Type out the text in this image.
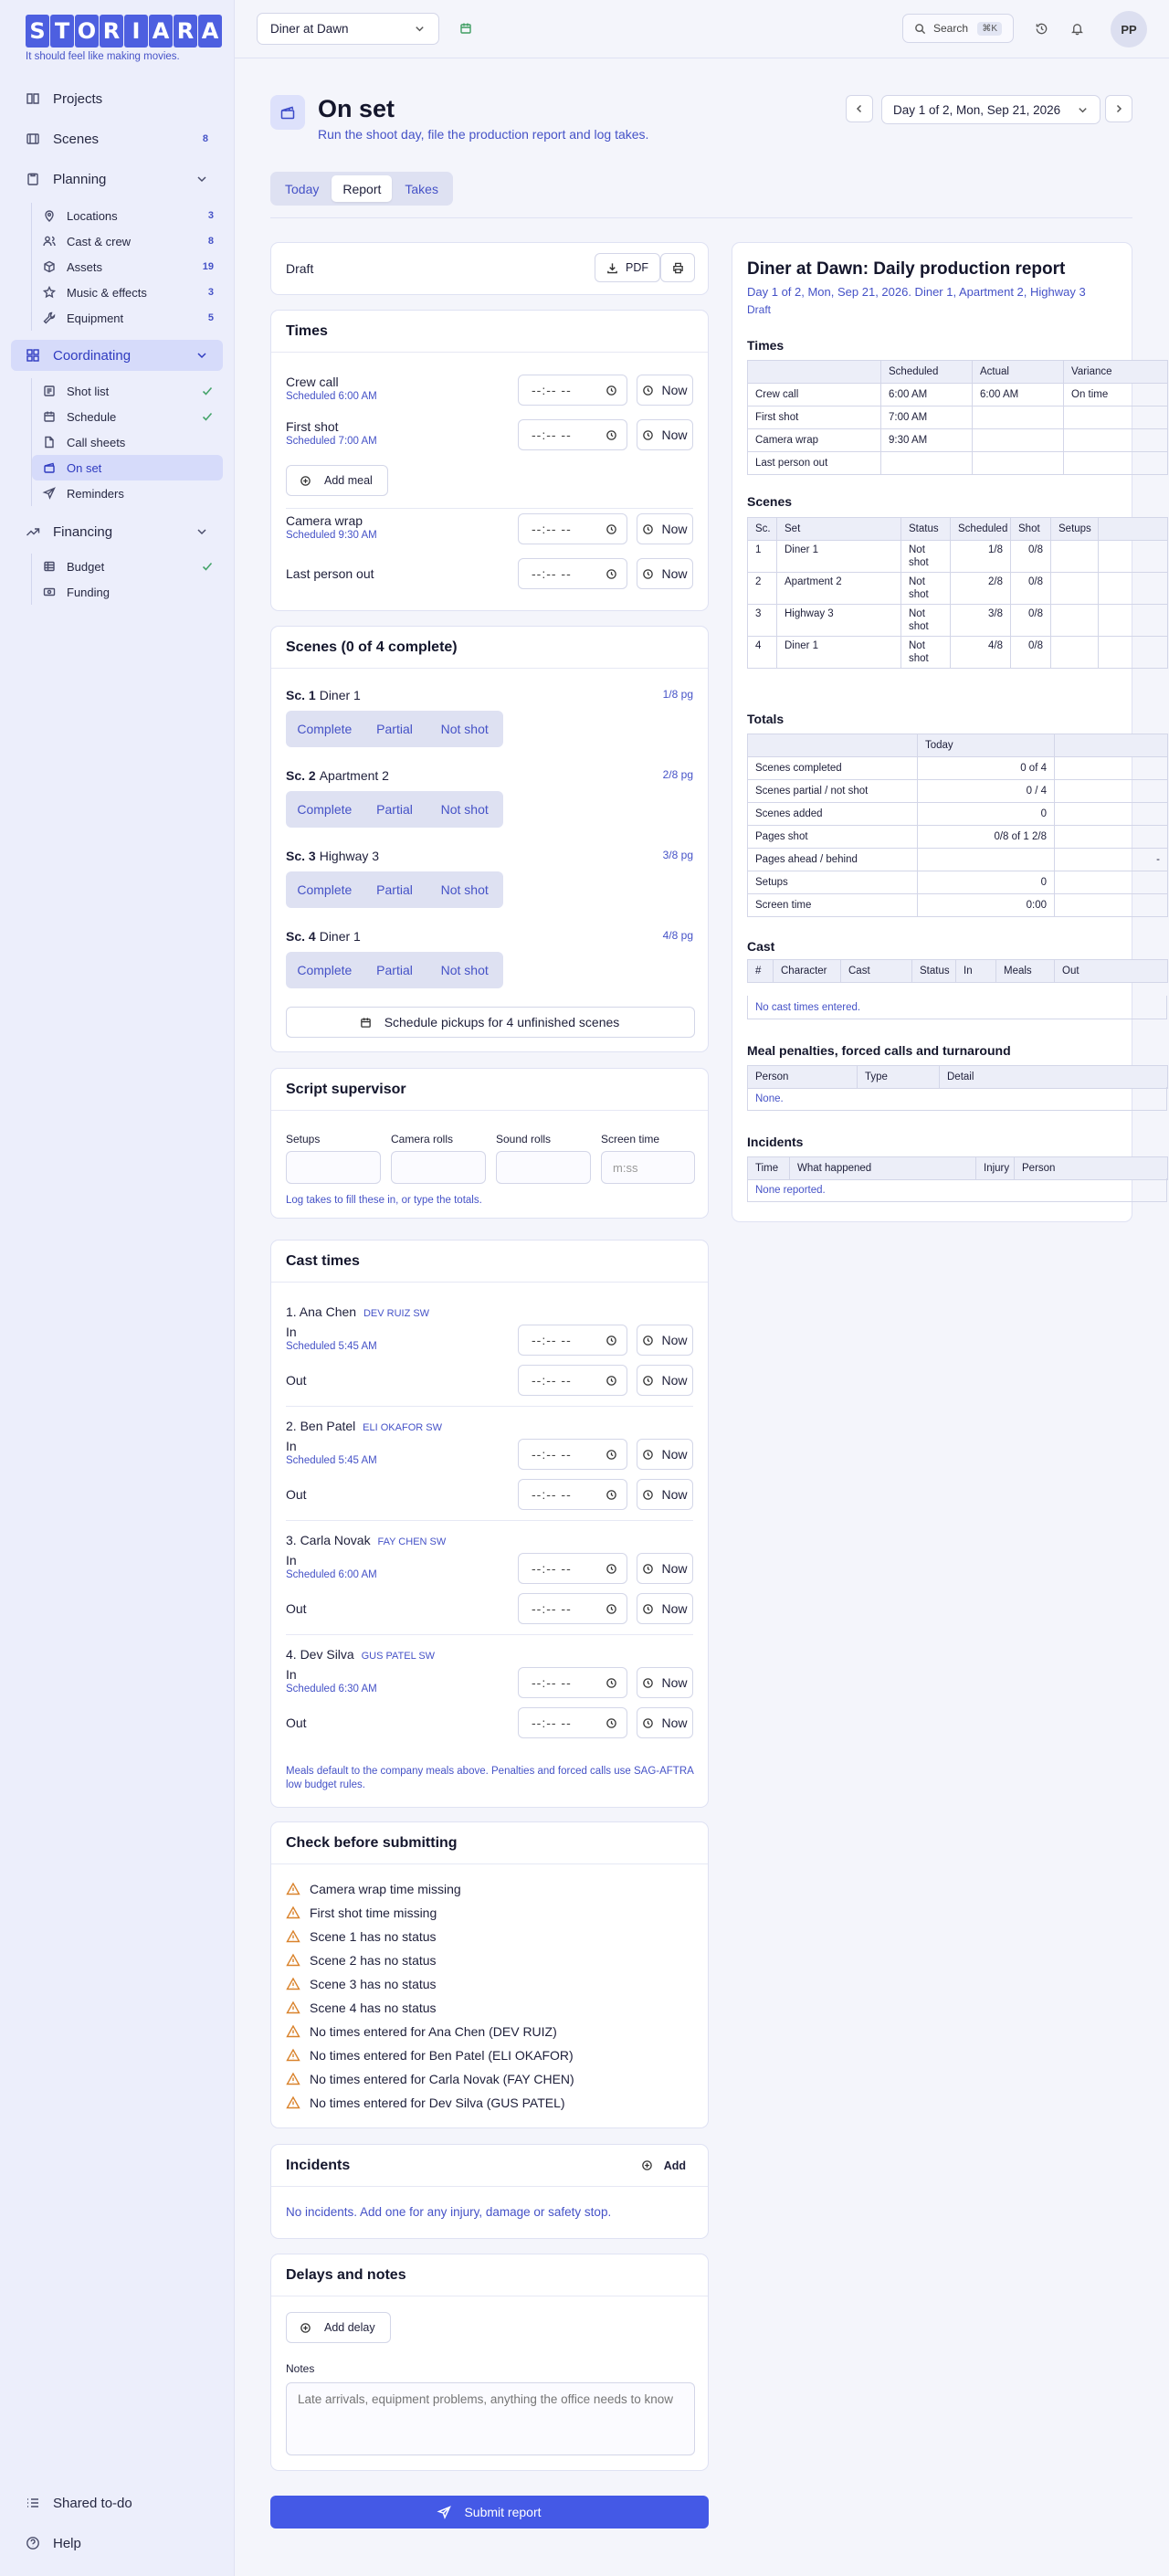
S T O R I A R A
It should feel like making movies.
Projects
Scenes	8
Planning
Locations	3
Cast & crew	8
Assets	19
Music & effects	3
Equipment	5
Coordinating
Shot list
Schedule
Call sheets
On set
Reminders
Financing
Budget
Funding
Shared to-do
Help
Diner at Dawn	Search	⌘K	PP
On set
Run the shoot day, file the production report and log takes.
Day 1 of 2, Mon, Sep 21, 2026
Today	Report	Takes
Draft	PDF
Times
Crew call
Scheduled 6:00 AM	--:-- --	Now
First shot
Scheduled 7:00 AM	--:-- --	Now
Add meal
Camera wrap
Scheduled 9:30 AM	--:-- --	Now
Last person out	--:-- --	Now
Scenes (0 of 4 complete)
Sc. 1 Diner 1	1/8 pg
Complete	Partial	Not shot
Sc. 2 Apartment 2	2/8 pg
Complete	Partial	Not shot
Sc. 3 Highway 3	3/8 pg
Complete	Partial	Not shot
Sc. 4 Diner 1	4/8 pg
Complete	Partial	Not shot
Schedule pickups for 4 unfinished scenes
Script supervisor
Setups	Camera rolls	Sound rolls	Screen time
m:ss
Log takes to fill these in, or type the totals.
Cast times
1. Ana Chen DEV RUIZ SW
In
Scheduled 5:45 AM	--:-- --	Now
Out	--:-- --	Now
2. Ben Patel ELI OKAFOR SW
In
Scheduled 5:45 AM	--:-- --	Now
Out	--:-- --	Now
3. Carla Novak FAY CHEN SW
In
Scheduled 6:00 AM	--:-- --	Now
Out	--:-- --	Now
4. Dev Silva GUS PATEL SW
In
Scheduled 6:30 AM	--:-- --	Now
Out	--:-- --	Now
Meals default to the company meals above. Penalties and forced calls use SAG-AFTRA low budget rules.
Check before submitting
Camera wrap time missing
First shot time missing
Scene 1 has no status
Scene 2 has no status
Scene 3 has no status
Scene 4 has no status
No times entered for Ana Chen (DEV RUIZ)
No times entered for Ben Patel (ELI OKAFOR)
No times entered for Carla Novak (FAY CHEN)
No times entered for Dev Silva (GUS PATEL)
Incidents	Add
No incidents. Add one for any injury, damage or safety stop.
Delays and notes
Add delay
Notes
Late arrivals, equipment problems, anything the office needs to know
Submit report
Diner at Dawn: Daily production report
Day 1 of 2, Mon, Sep 21, 2026. Diner 1, Apartment 2, Highway 3
Draft
Times
	Scheduled	Actual	Variance
Crew call	6:00 AM	6:00 AM	On time
First shot	7:00 AM		
Camera wrap	9:30 AM		
Last person out			
Scenes
Sc.	Set	Status	Scheduled	Shot	Setups	
1	Diner 1	Not shot	1/8	0/8		
2	Apartment 2	Not shot	2/8	0/8		
3	Highway 3	Not shot	3/8	0/8		
4	Diner 1	Not shot	4/8	0/8		
Totals
	Today	
Scenes completed	0 of 4	
Scenes partial / not shot	0 / 4	
Scenes added	0	
Pages shot	0/8 of 1 2/8	
Pages ahead / behind		-
Setups	0	
Screen time	0:00	
Cast
#	Character	Cast	Status	In	Meals	Out
No cast times entered.
Meal penalties, forced calls and turnaround
Person	Type	Detail
None.
Incidents
Time	What happened	Injury	Person
None reported.
